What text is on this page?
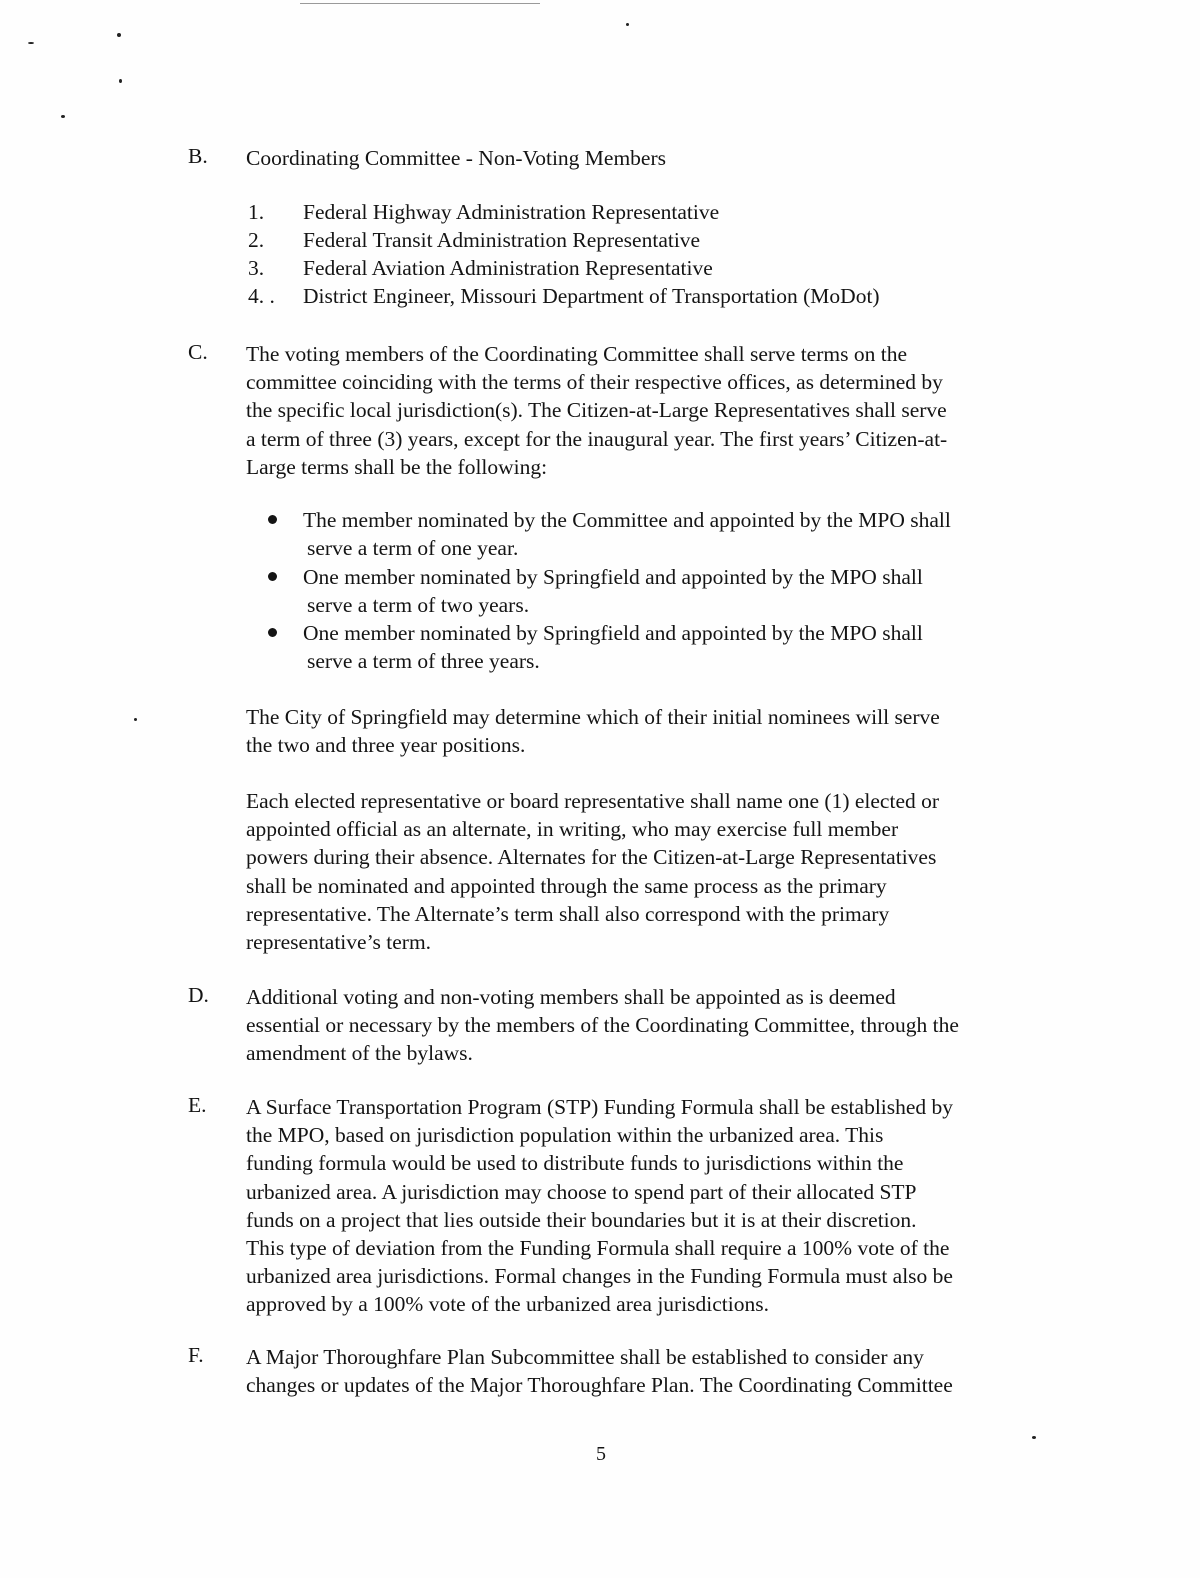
B. Coordinating Committee - Non-Voting Members
1. Federal Highway Administration Representative
2. Federal Transit Administration Representative
3. Federal Aviation Administration Representative
4. . District Engineer, Missouri Department of Transportation (MoDot)
C. The voting members of the Coordinating Committee shall serve terms on the
committee coinciding with the terms of their respective offices, as determined by
the specific local jurisdiction(s). The Citizen-at-Large Representatives shall serve
a term of three (3) years, except for the inaugural year. The first years’ Citizen-at-
Large terms shall be the following:
The member nominated by the Committee and appointed by the MPO shall
serve a term of one year.
One member nominated by Springfield and appointed by the MPO shall
serve a term of two years.
One member nominated by Springfield and appointed by the MPO shall
serve a term of three years.
The City of Springfield may determine which of their initial nominees will serve
the two and three year positions.
Each elected representative or board representative shall name one (1) elected or
appointed official as an alternate, in writing, who may exercise full member
powers during their absence. Alternates for the Citizen-at-Large Representatives
shall be nominated and appointed through the same process as the primary
representative. The Alternate’s term shall also correspond with the primary
representative’s term.
D. Additional voting and non-voting members shall be appointed as is deemed
essential or necessary by the members of the Coordinating Committee, through the
amendment of the bylaws.
E. A Surface Transportation Program (STP) Funding Formula shall be established by
the MPO, based on jurisdiction population within the urbanized area. This
funding formula would be used to distribute funds to jurisdictions within the
urbanized area. A jurisdiction may choose to spend part of their allocated STP
funds on a project that lies outside their boundaries but it is at their discretion.
This type of deviation from the Funding Formula shall require a 100% vote of the
urbanized area jurisdictions. Formal changes in the Funding Formula must also be
approved by a 100% vote of the urbanized area jurisdictions.
F. A Major Thoroughfare Plan Subcommittee shall be established to consider any
changes or updates of the Major Thoroughfare Plan. The Coordinating Committee
5
